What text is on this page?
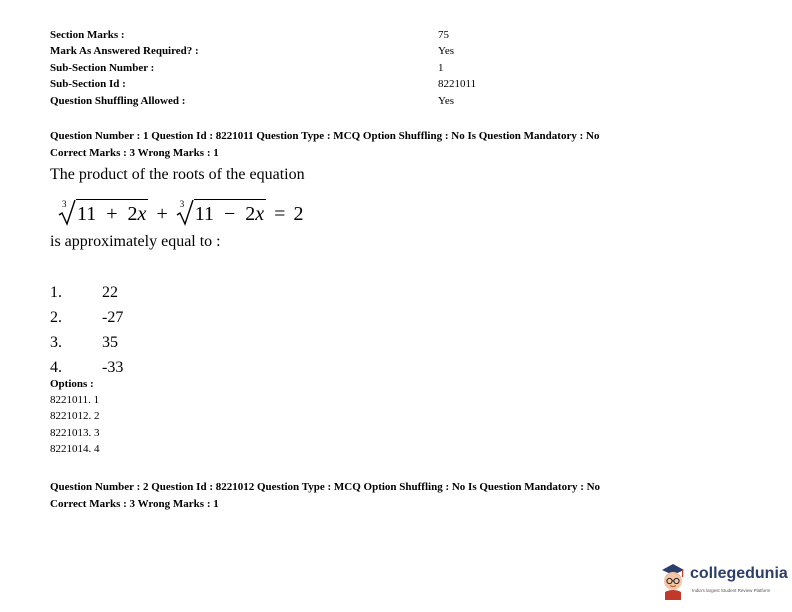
Section Marks :	75
Mark As Answered Required? :	Yes
Sub-Section Number :	1
Sub-Section Id :	8221011
Question Shuffling Allowed :	Yes
Question Number : 1 Question Id : 8221011 Question Type : MCQ Option Shuffling : No Is Question Mandatory : No
Correct Marks : 3 Wrong Marks : 1
The product of the roots of the equation
3 11 + 2x + 3 11 − 2x = 2
is approximately equal to :
1.	22
2.	-27
3.	35
4.	-33
Options :
8221011. 1
8221012. 2
8221013. 3
8221014. 4
Question Number : 2 Question Id : 8221012 Question Type : MCQ Option Shuffling : No Is Question Mandatory : No
Correct Marks : 3 Wrong Marks : 1
collegedunia
India's largest Student Review Platform
